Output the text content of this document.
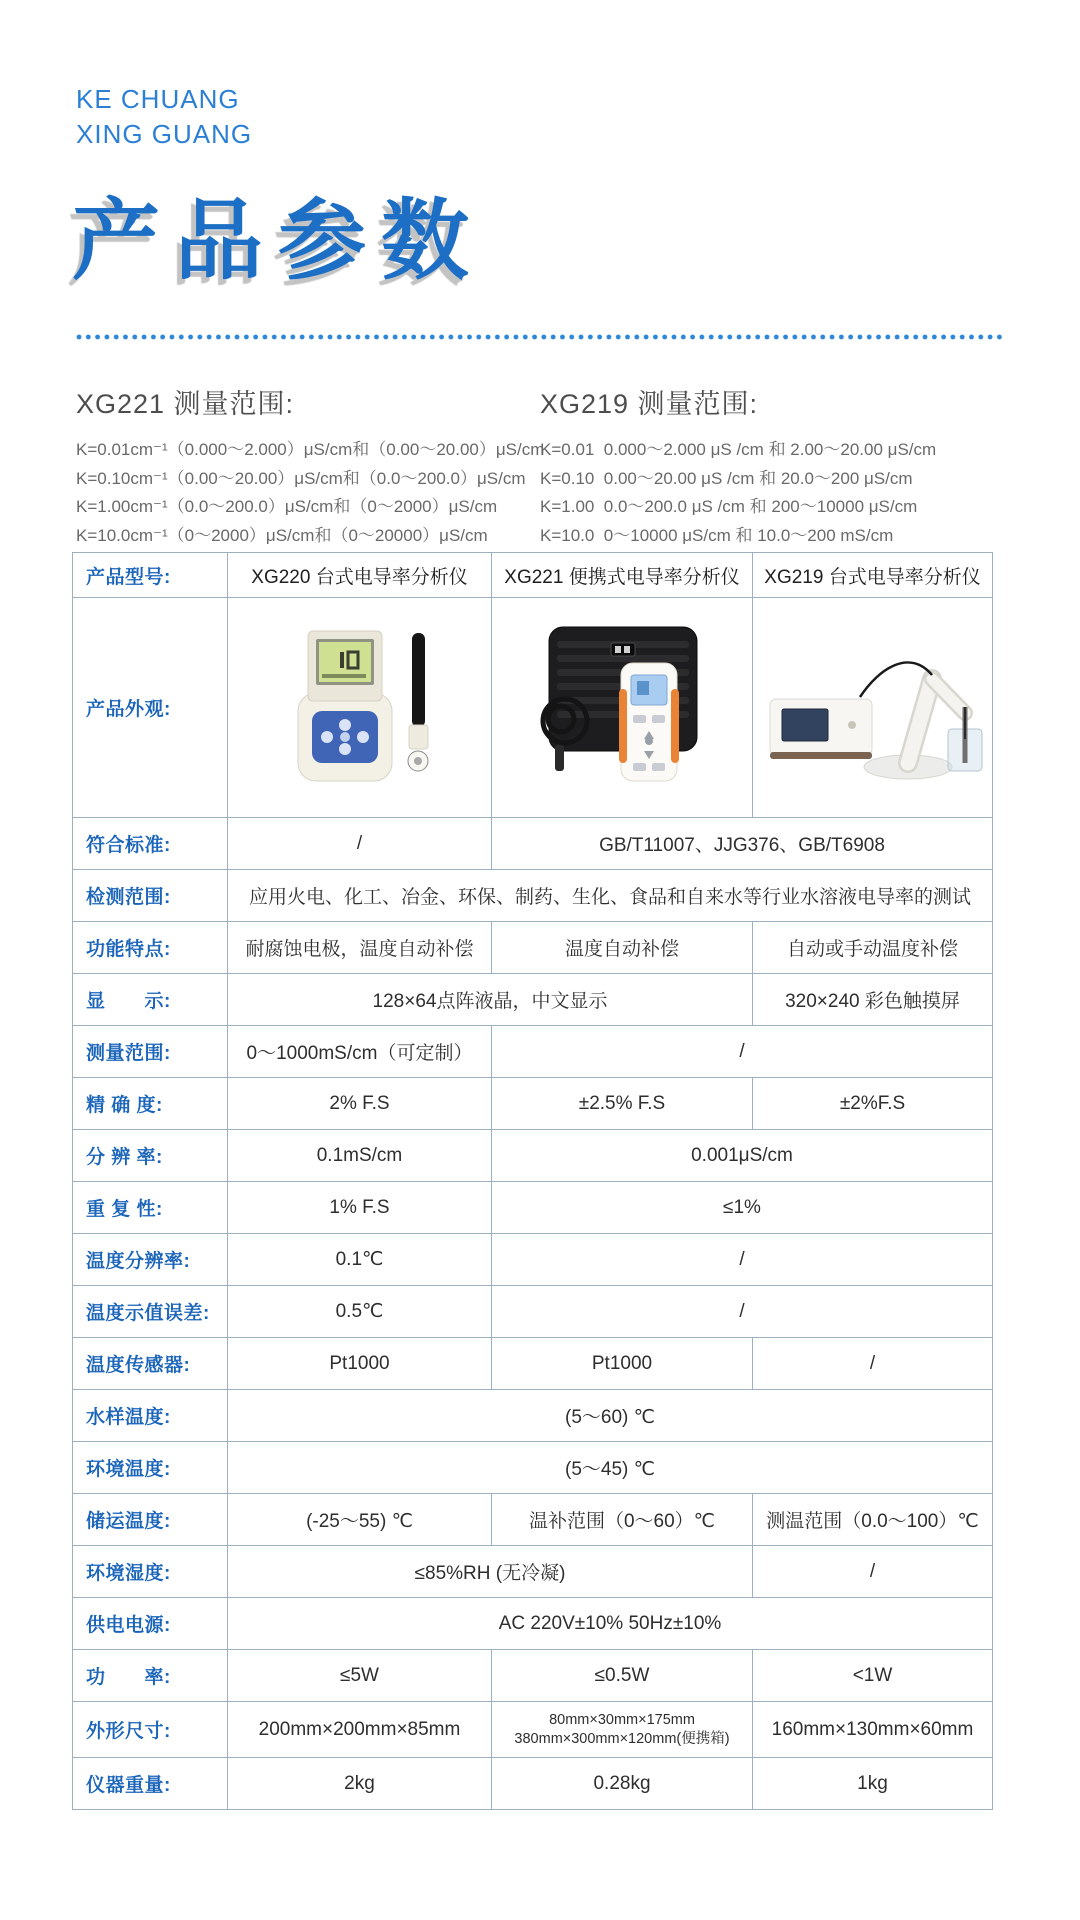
KE CHUANG
XING GUANG
产品参数
XG221 测量范围:

K=0.01cm⁻¹（0.000～2.000）μS/cm和（0.00～20.00）μS/cm

K=0.10cm⁻¹（0.00～20.00）μS/cm和（0.0～200.0）μS/cm

K=1.00cm⁻¹（0.0～200.0）μS/cm和（0～2000）μS/cm

K=10.0cm⁻¹（0～2000）μS/cm和（0～20000）μS/cm

XG219 测量范围:

K=0.01  0.000～2.000 μS /cm 和 2.00～20.00 μS/cm

K=0.10  0.00～20.00 μS /cm 和 20.0～200 μS/cm

K=1.00  0.0～200.0 μS /cm 和 200～10000 μS/cm

K=10.0  0～10000 μS/cm 和 10.0～200 mS/cm

产品型号:	XG220 台式电导率分析仪	XG221 便携式电导率分析仪	XG219 台式电导率分析仪
产品外观:	

符合标准:	/	GB/T11007、JJG376、GB/T6908	
检测范围:	应用火电、化工、冶金、环保、制药、生化、食品和自来水等行业水溶液电导率的测试		
功能特点:	耐腐蚀电极，温度自动补偿	温度自动补偿	自动或手动温度补偿
显　　示:	128×64点阵液晶，中文显示		320×240 彩色触摸屏
测量范围:	0～1000mS/cm（可定制）	/	
精 确 度:	2% F.S	±2.5% F.S	±2%F.S
分 辨 率:	0.1mS/cm	0.001μS/cm	
重 复 性:	1% F.S	≤1%	
温度分辨率:	0.1℃	/	
温度示值误差:	0.5℃	/	
温度传感器:	Pt1000	Pt1000	/
水样温度:	(5～60) ℃		
环境温度:	(5～45) ℃		
储运温度:	(-25～55) ℃	温补范围（0～60）℃	测温范围（0.0～100）℃
环境湿度:	≤85%RH (无冷凝)		/
供电电源:	AC 220V±10% 50Hz±10%		
功　　率:	≤5W	≤0.5W	<1W
外形尺寸:	200mm×200mm×85mm	80mm×30mm×175mm
380mm×300mm×120mm(便携箱)	160mm×130mm×60mm
仪器重量:	2kg	0.28kg	1kg
